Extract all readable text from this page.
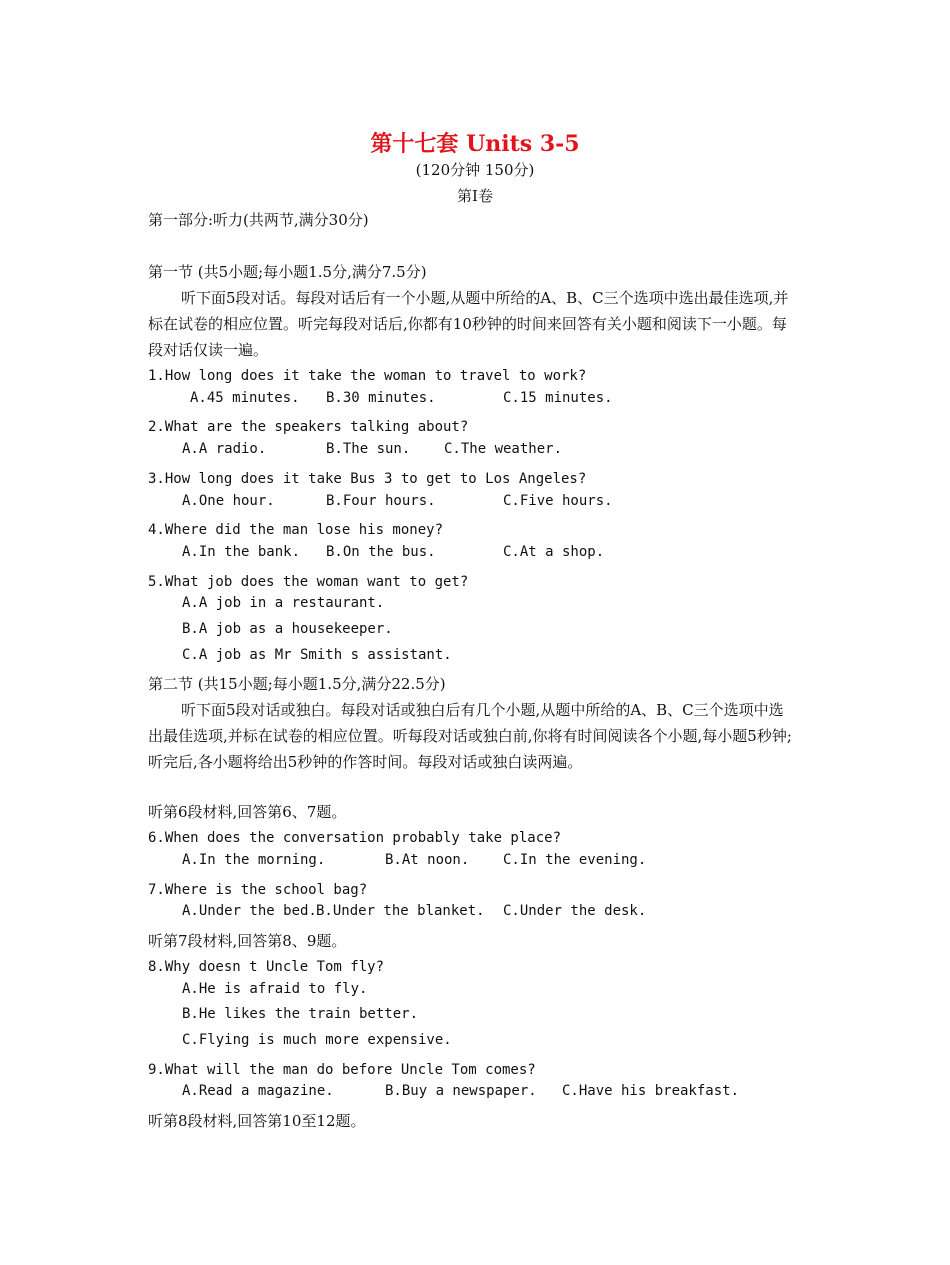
第十七套 Units 3-5
(120分钟 150分)
第Ⅰ卷
第一部分:听力(共两节,满分30分)
第一节 (共5小题;每小题1.5分,满分7.5分)
听下面5段对话。每段对话后有一个小题,从题中所给的A、B、C三个选项中选出最佳选项,并标在试卷的相应位置。听完每段对话后,你都有10秒钟的时间来回答有关小题和阅读下一小题。每段对话仅读一遍。
1.How long does it take the woman to travel to work?
A.45 minutes. B.30 minutes.	C.15 minutes.
2.What are the speakers talking about?
A.A radio.	B.The sun. C.The weather.
3.How long does it take Bus 3 to get to Los Angeles?
A.One hour.	B.Four hours.	C.Five hours.
4.Where did the man lose his money?
A.In the bank. B.On the bus.	C.At a shop.
5.What job does the woman want to get?
A.A job in a restaurant.
B.A job as a housekeeper.
C.A job as Mr Smith s assistant.
第二节 (共15小题;每小题1.5分,满分22.5分)
听下面5段对话或独白。每段对话或独白后有几个小题,从题中所给的A、B、C三个选项中选出最佳选项,并标在试卷的相应位置。听每段对话或独白前,你将有时间阅读各个小题,每小题5秒钟;听完后,各小题将给出5秒钟的作答时间。每段对话或独白读两遍。
听第6段材料,回答第6、7题。
6.When does the conversation probably take place?
A.In the morning.	B.At noon. C.In the evening.
7.Where is the school bag?
A.Under the bed. B.Under the blanket. C.Under the desk.
听第7段材料,回答第8、9题。
8.Why doesn t Uncle Tom fly?
A.He is afraid to fly.
B.He likes the train better.
C.Flying is much more expensive.
9.What will the man do before Uncle Tom comes?
A.Read a magazine.	B.Buy a newspaper. C.Have his breakfast.
听第8段材料,回答第10至12题。
